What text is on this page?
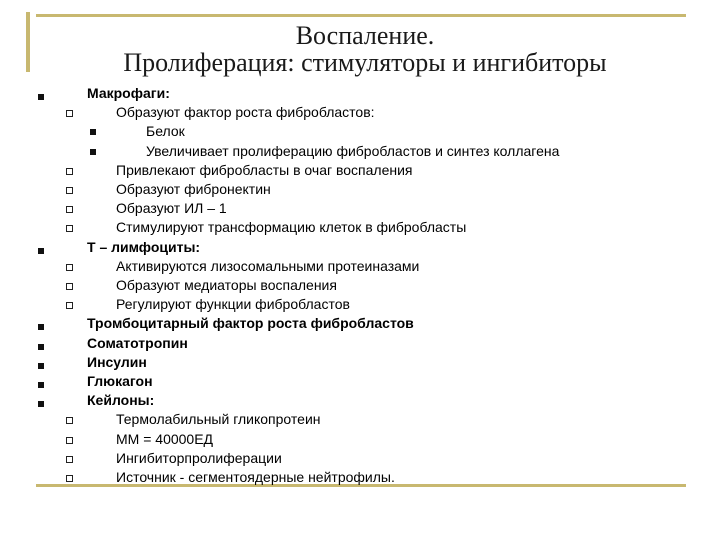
Воспаление.
Пролиферация: стимуляторы и ингибиторы
Макрофаги:
Образуют фактор роста фибробластов:
Белок
Увеличивает пролиферацию фибробластов и синтез коллагена
Привлекают фибробласты в очаг воспаления
Образуют фибронектин
Образуют ИЛ – 1
Стимулируют трансформацию клеток в фибробласты
Т – лимфоциты:
Активируются лизосомальными протеиназами
Образуют медиаторы воспаления
Регулируют функции фибробластов
Тромбоцитарный фактор роста фибробластов
Соматотропин
Инсулин
Глюкагон
Кейлоны:
Термолабильный гликопротеин
ММ = 40000ЕД
Ингибиторпролиферации
Источник - сегментоядерные нейтрофилы.
